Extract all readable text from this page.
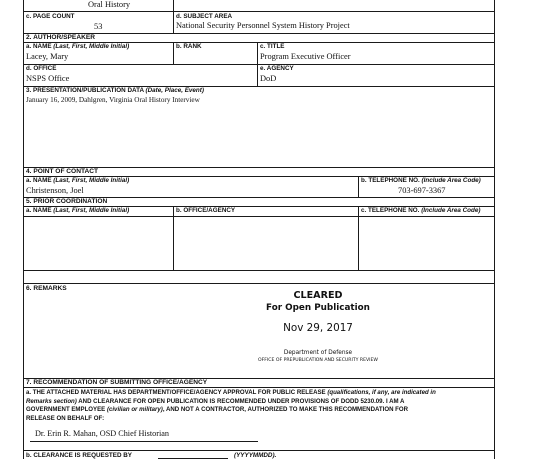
Oral History
c. PAGE COUNT
53
d. SUBJECT AREA
National Security Personnel System History Project
2. AUTHOR/SPEAKER
a. NAME (Last, First, Middle Initial)
Lacey, Mary
b. RANK	c. TITLE
Program Executive Officer
d. OFFICE
NSPS Office
e. AGENCY
DoD
3. PRESENTATION/PUBLICATION DATA (Date, Place, Event)
January 16, 2009, Dahlgren, Virginia Oral History Interview
4. POINT OF CONTACT
a. NAME (Last, First, Middle Initial)
Christenson, Joel
b. TELEPHONE NO. (Include Area Code)
703-697-3367
5. PRIOR COORDINATION
a. NAME (Last, First, Middle Initial)	b. OFFICE/AGENCY	c. TELEPHONE NO. (Include Area Code)
6. REMARKS
CLEARED
For Open Publication
Nov 29, 2017
Department of Defense
OFFICE OF PREPUBLICATION AND SECURITY REVIEW
7. RECOMMENDATION OF SUBMITTING OFFICE/AGENCY
a. THE ATTACHED MATERIAL HAS DEPARTMENT/OFFICE/AGENCY APPROVAL FOR PUBLIC RELEASE (qualifications, if any, are indicated in
Remarks section) AND CLEARANCE FOR OPEN PUBLICATION IS RECOMMENDED UNDER PROVISIONS OF DODD 5230.09. I AM A
GOVERNMENT EMPLOYEE (civilian or military), AND NOT A CONTRACTOR, AUTHORIZED TO MAKE THIS RECOMMENDATION FOR
RELEASE ON BEHALF OF:
Dr. Erin R. Mahan, OSD Chief Historian
b. CLEARANCE IS REQUESTED BY	(YYYYMMDD).
